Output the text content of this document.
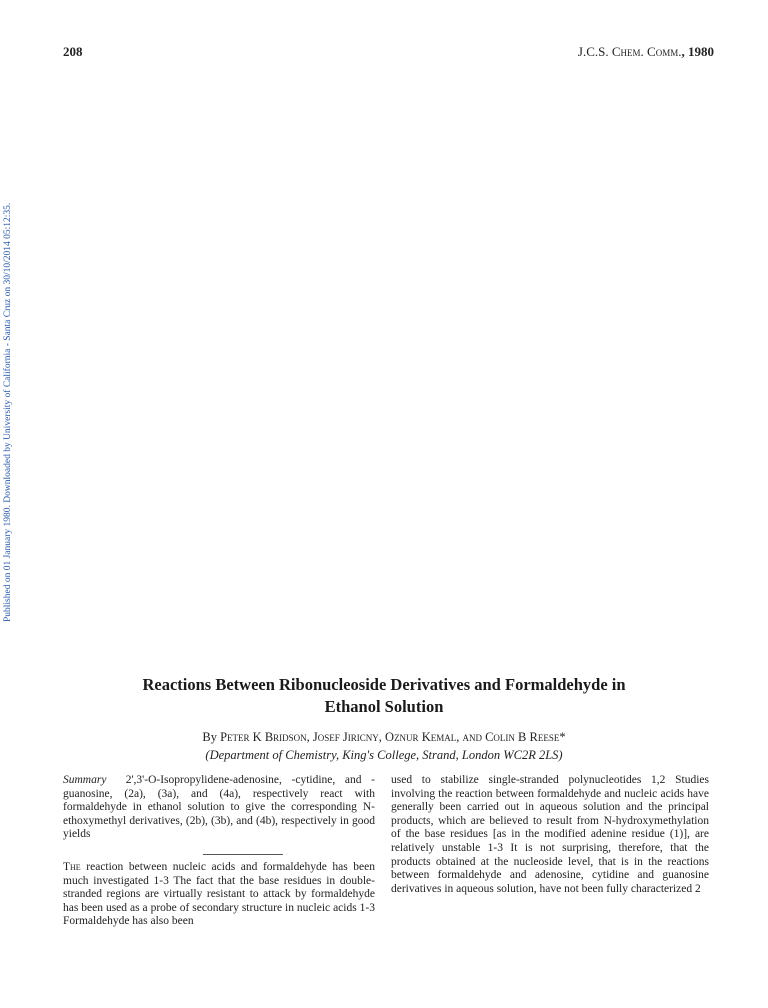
208	J.C.S. Chem. Comm., 1980
Published on 01 January 1980. Downloaded by University of California - Santa Cruz on 30/10/2014 05:12:35.
Reactions Between Ribonucleoside Derivatives and Formaldehyde in
Ethanol Solution
By Peter K Bridson, Josef Jiricny, Oznur Kemal, and Colin B Reese*
(Department of Chemistry, King's College, Strand, London WC2R 2LS)

Summary 2',3'-O-Isopropylidene-adenosine, -cytidine, and -guanosine, (2a), (3a), and (4a), respectively react with formaldehyde in ethanol solution to give the corresponding N-ethoxymethyl derivatives, (2b), (3b), and (4b), respectively in good yields

The reaction between nucleic acids and formaldehyde has been much investigated 1-3 The fact that the base residues in double-stranded regions are virtually resistant to attack by formaldehyde has been used as a probe of secondary structure in nucleic acids 1-3 Formaldehyde has also been

used to stabilize single-stranded polynucleotides 1,2 Studies involving the reaction between formaldehyde and nucleic acids have generally been carried out in aqueous solution and the principal products, which are believed to result from N-hydroxymethylation of the base residues [as in the modified adenine residue (1)], are relatively unstable 1-3 It is not surprising, therefore, that the products obtained at the nucleoside level, that is in the reactions between formaldehyde and adenosine, cytidine and guanosine derivatives in aqueous solution, have not been fully characterized 2
